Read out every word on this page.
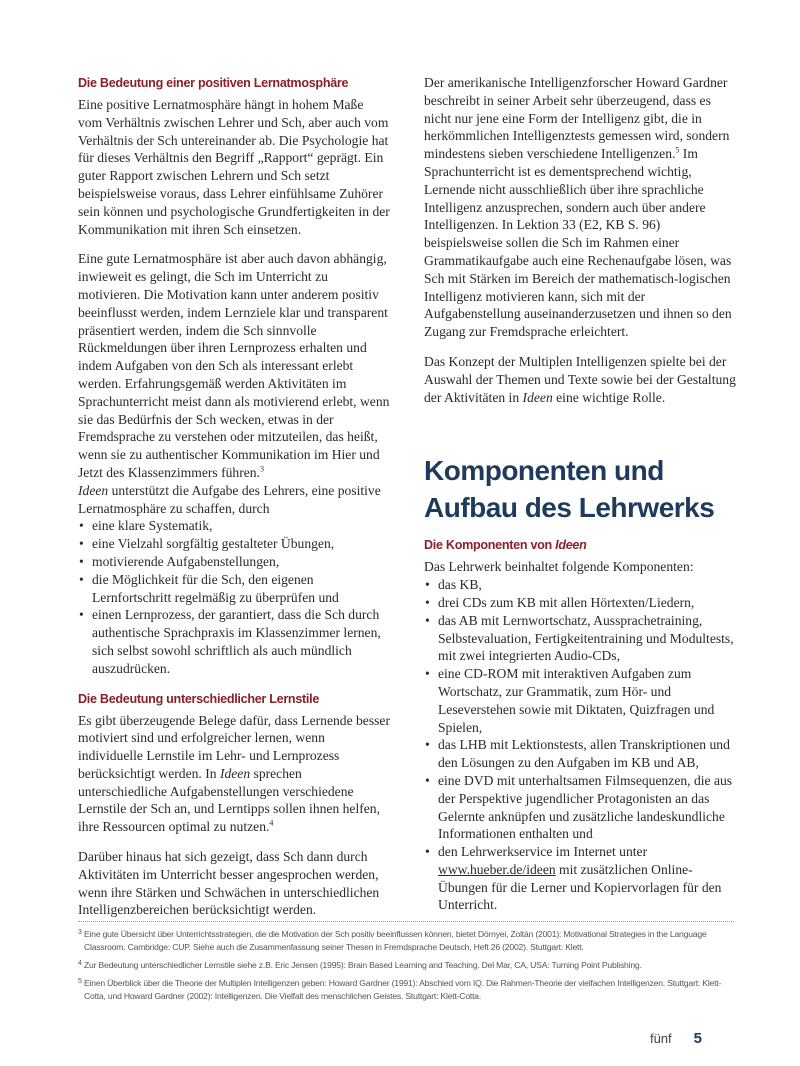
Die Bedeutung einer positiven Lernatmosphäre

Eine positive Lernatmosphäre hängt in hohem Maße vom Verhältnis zwischen Lehrer und Sch, aber auch vom Verhältnis der Sch untereinander ab. Die Psychologie hat für dieses Verhältnis den Begriff „Rapport“ geprägt. Ein guter Rapport zwischen Lehrern und Sch setzt beispielsweise voraus, dass Lehrer einfühlsame Zuhörer sein können und psychologische Grundfertigkeiten in der Kommunikation mit ihren Sch einsetzen.

Eine gute Lernatmosphäre ist aber auch davon abhängig, inwieweit es gelingt, die Sch im Unterricht zu motivieren. Die Motivation kann unter anderem positiv beeinflusst werden, indem Lernziele klar und transparent präsentiert werden, indem die Sch sinnvolle Rückmeldungen über ihren Lernprozess erhalten und indem Aufgaben von den Sch als interessant erlebt werden. Erfahrungsgemäß werden Aktivitäten im Sprachunterricht meist dann als motivierend erlebt, wenn sie das Bedürfnis der Sch wecken, etwas in der Fremdsprache zu verstehen oder mitzuteilen, das heißt, wenn sie zu authentischer Kommunikation im Hier und Jetzt des Klassenzimmers führen.$^3$

Ideen unterstützt die Aufgabe des Lehrers, eine positive Lernatmosphäre zu schaffen, durch

• eine klare Systematik,
• eine Vielzahl sorgfältig gestalteter Übungen,
• motivierende Aufgabenstellungen,
• die Möglichkeit für die Sch, den eigenen Lernfortschritt regelmäßig zu überprüfen und
• einen Lernprozess, der garantiert, dass die Sch durch authentische Sprachpraxis im Klassenzimmer lernen, sich selbst sowohl schriftlich als auch mündlich auszudrücken.
Die Bedeutung unterschiedlicher Lernstile

Es gibt überzeugende Belege dafür, dass Lernende besser motiviert sind und erfolgreicher lernen, wenn individuelle Lernstile im Lehr- und Lernprozess berücksichtigt werden. In Ideen sprechen unterschiedliche Aufgabenstellungen verschiedene Lernstile der Sch an, und Lerntipps sollen ihnen helfen, ihre Ressourcen optimal zu nutzen.$^4$

Darüber hinaus hat sich gezeigt, dass Sch dann durch Aktivitäten im Unterricht besser angesprochen werden, wenn ihre Stärken und Schwächen in unterschiedlichen Intelligenzbereichen berücksichtigt werden.

Der amerikanische Intelligenzforscher Howard Gardner beschreibt in seiner Arbeit sehr überzeugend, dass es nicht nur jene eine Form der Intelligenz gibt, die in herkömmlichen Intelligenztests gemessen wird, sondern mindestens sieben verschiedene Intelligenzen.$^5$ Im Sprachunterricht ist es dementsprechend wichtig, Lernende nicht ausschließlich über ihre sprachliche Intelligenz anzusprechen, sondern auch über andere Intelligenzen. In Lektion 33 (E2, KB S. 96) beispielsweise sollen die Sch im Rahmen einer Grammatikaufgabe auch eine Rechenaufgabe lösen, was Sch mit Stärken im Bereich der mathematisch-logischen Intelligenz motivieren kann, sich mit der Aufgabenstellung auseinanderzusetzen und ihnen so den Zugang zur Fremdsprache erleichtert.

Das Konzept der Multiplen Intelligenzen spielte bei der Auswahl der Themen und Texte sowie bei der Gestaltung der Aktivitäten in Ideen eine wichtige Rolle.

Komponenten und Aufbau des Lehrwerks
Die Komponenten von Ideen

Das Lehrwerk beinhaltet folgende Komponenten:

• das KB,
• drei CDs zum KB mit allen Hörtexten/Liedern,
• das AB mit Lernwortschatz, Aussprachetraining, Selbstevaluation, Fertigkeitentraining und Modultests, mit zwei integrierten Audio-CDs,
• eine CD-ROM mit interaktiven Aufgaben zum Wortschatz, zur Grammatik, zum Hör- und Leseverstehen sowie mit Diktaten, Quizfragen und Spielen,
• das LHB mit Lektionstests, allen Transkriptionen und den Lösungen zu den Aufgaben im KB und AB,
• eine DVD mit unterhaltsamen Filmsequenzen, die aus der Perspektive jugendlicher Protagonisten an das Gelernte anknüpfen und zusätzliche landeskundliche Informationen enthalten und
• den Lehrwerkservice im Internet unter www.hueber.de/ideen mit zusätzlichen Online-Übungen für die Lerner und Kopiervorlagen für den Unterricht.
3 Eine gute Übersicht über Unterrichtsstrategien, die die Motivation der Sch positiv beeinflussen können, bietet Dörnyei, Zoltán (2001): Motivational Strategies in the Language Classroom. Cambridge: CUP. Siehe auch die Zusammenfassung seiner Thesen in Fremdsprache Deutsch, Heft 26 (2002). Stuttgart: Klett.
4 Zur Bedeutung unterschiedlicher Lernstile siehe z.B. Eric Jensen (1995): Brain Based Learning and Teaching. Del Mar, CA, USA: Turning Point Publishing.
5 Einen Überblick über die Theorie der Multiplen Intelligenzen geben: Howard Gardner (1991): Abschied vom IQ. Die Rahmen-Theorie der vielfachen Intelligenzen. Stuttgart: Klett-Cotta, und Howard Gardner (2002): Intelligenzen. Die Vielfalt des menschlichen Geistes. Stuttgart: Klett-Cotta.
fünf 5
